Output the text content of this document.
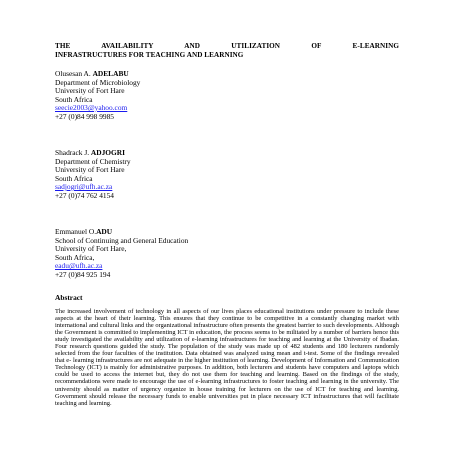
THE AVAILABILITY AND UTILIZATION OF E-LEARNING

INFRASTRUCTURES FOR TEACHING AND LEARNING

Olusesan A. ADELABU
Department of Microbiology
University of Fort Hare
South Africa
seecie2003@yahoo.com
+27 (0)84 998 9985
Shadrack J. ADJOGRI
Department of Chemistry
University of Fort Hare
South Africa
sadjogri@ufh.ac.za
+27 (0)74 762 4154
Emmanuel O.ADU
School of Continuing and General Education
University of Fort Hare,
South Africa,
eadu@ufh.ac.za
+27 (0)84 925 194

Abstract

The increased involvement of technology in all aspects of our lives places educational institutions under pressure to include these aspects at the heart of their learning. This ensures that they continue to be competitive in a constantly changing market with international and cultural links and the organizational infrastructure often presents the greatest barrier to such developments. Although the Government is committed to implementing ICT in education, the process seems to be militated by a number of barriers hence this study investigated the availability and utilization of e-learning infrastructures for teaching and learning at the University of Ibadan. Four research questions guided the study. The population of the study was made up of 482 students and 180 lecturers randomly selected from the four faculties of the institution. Data obtained was analyzed using mean and t-test. Some of the findings revealed that e- learning infrastructures are not adequate in the higher institution of learning. Development of Information and Communication Technology (ICT) is mainly for administrative purposes. In addition, both lecturers and students have computers and laptops which could be used to access the internet but, they do not use them for teaching and learning. Based on the findings of the study, recommendations were made to encourage the use of e-learning infrastructures to foster teaching and learning in the university. The university should as matter of urgency organize in house training for lecturers on the use of ICT for teaching and learning. Government should release the necessary funds to enable universities put in place necessary ICT infrastructures that will facilitate teaching and learning.
